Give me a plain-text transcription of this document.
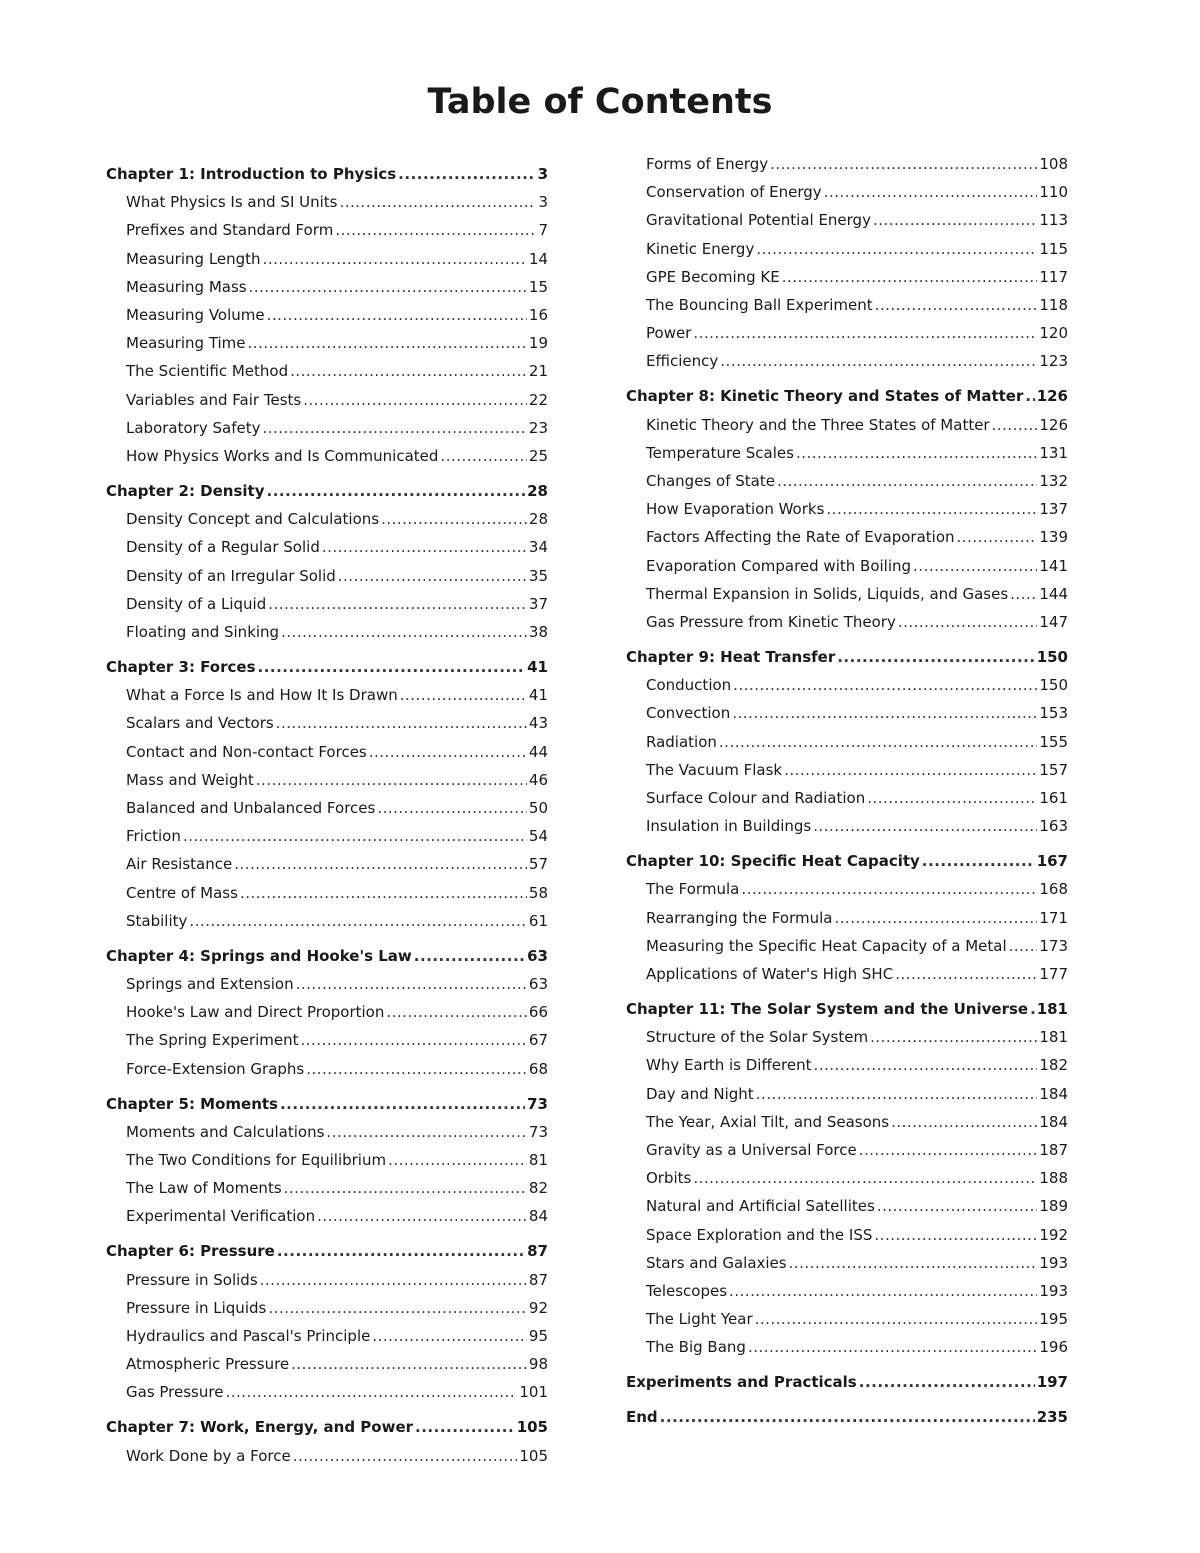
Table of Contents
Chapter 1: Introduction to Physics .....	3
What Physics Is and SI Units .....	3
Prefixes and Standard Form .....	7
Measuring Length .....	14
Measuring Mass .....	15
Measuring Volume .....	16
Measuring Time .....	19
The Scientific Method .....	21
Variables and Fair Tests .....	22
Laboratory Safety .....	23
How Physics Works and Is Communicated .....	25
Chapter 2: Density .....	28
Density Concept and Calculations .....	28
Density of a Regular Solid .....	34
Density of an Irregular Solid .....	35
Density of a Liquid .....	37
Floating and Sinking .....	38
Chapter 3: Forces .....	41
What a Force Is and How It Is Drawn .....	41
Scalars and Vectors .....	43
Contact and Non-contact Forces .....	44
Mass and Weight .....	46
Balanced and Unbalanced Forces .....	50
Friction .....	54
Air Resistance .....	57
Centre of Mass .....	58
Stability .....	61
Chapter 4: Springs and Hooke's Law .....	63
Springs and Extension .....	63
Hooke's Law and Direct Proportion .....	66
The Spring Experiment .....	67
Force-Extension Graphs .....	68
Chapter 5: Moments .....	73
Moments and Calculations .....	73
The Two Conditions for Equilibrium .....	81
The Law of Moments .....	82
Experimental Verification .....	84
Chapter 6: Pressure .....	87
Pressure in Solids .....	87
Pressure in Liquids .....	92
Hydraulics and Pascal's Principle .....	95
Atmospheric Pressure .....	98
Gas Pressure .....	101
Chapter 7: Work, Energy, and Power .....	105
Work Done by a Force .....	105
Forms of Energy .....	108
Conservation of Energy .....	110
Gravitational Potential Energy .....	113
Kinetic Energy .....	115
GPE Becoming KE .....	117
The Bouncing Ball Experiment .....	118
Power .....	120
Efficiency .....	123
Chapter 8: Kinetic Theory and States of Matter ..... 126
Kinetic Theory and the Three States of Matter .....	126
Temperature Scales .....	131
Changes of State .....	132
How Evaporation Works .....	137
Factors Affecting the Rate of Evaporation .....	139
Evaporation Compared with Boiling .....	141
Thermal Expansion in Solids, Liquids, and Gases ..... 144
Gas Pressure from Kinetic Theory .....	147
Chapter 9: Heat Transfer .....	150
Conduction .....	150
Convection .....	153
Radiation .....	155
The Vacuum Flask .....	157
Surface Colour and Radiation .....	161
Insulation in Buildings .....	163
Chapter 10: Specific Heat Capacity .....	167
The Formula .....	168
Rearranging the Formula .....	171
Measuring the Specific Heat Capacity of a Metal ..... 173
Applications of Water's High SHC .....	177
Chapter 11: The Solar System and the Universe ..... 181
Structure of the Solar System .....	181
Why Earth is Different .....	182
Day and Night .....	184
The Year, Axial Tilt, and Seasons .....	184
Gravity as a Universal Force .....	187
Orbits .....	188
Natural and Artificial Satellites .....	189
Space Exploration and the ISS .....	192
Stars and Galaxies .....	193
Telescopes .....	193
The Light Year .....	195
The Big Bang .....	196
Experiments and Practicals .....	197
End .....	235
